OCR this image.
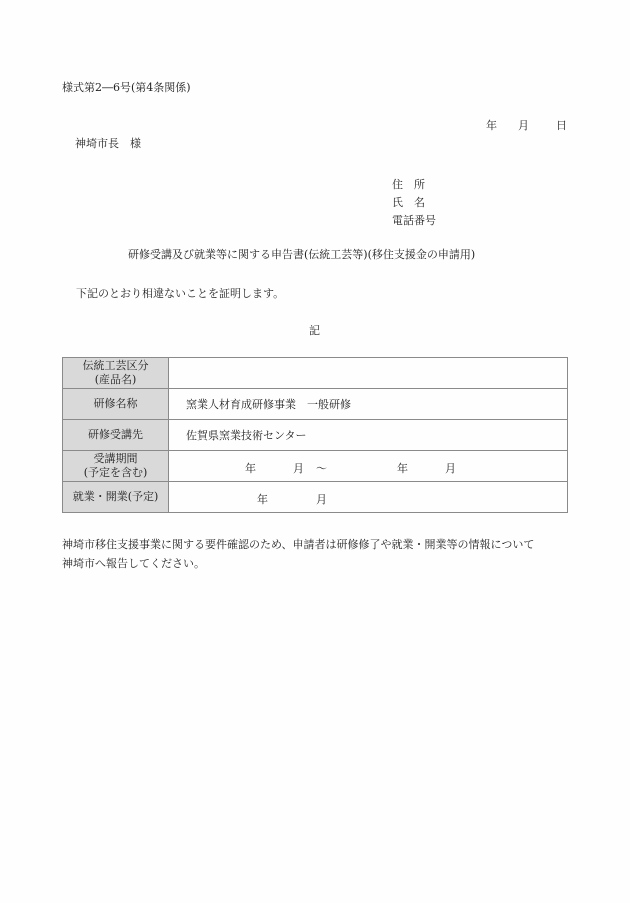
様式第2―6号(第4条関係)
年 月 日
神埼市長　様
住　所
氏　名
電話番号
研修受講及び就業等に関する申告書(伝統工芸等)(移住支援金の申請用)
下記のとおり相違ないことを証明します。
記
伝統工芸区分
(産品名)	

研修名称	窯業人材育成研修事業　一般研修
研修受講先	佐賀県窯業技術センター

受講期間
(予定を含む)	年	月 ～	年	月

就業・開業(予定)	年 月
神埼市移住支援事業に関する要件確認のため、申請者は研修修了や就業・開業等の情報について
神埼市へ報告してください。
